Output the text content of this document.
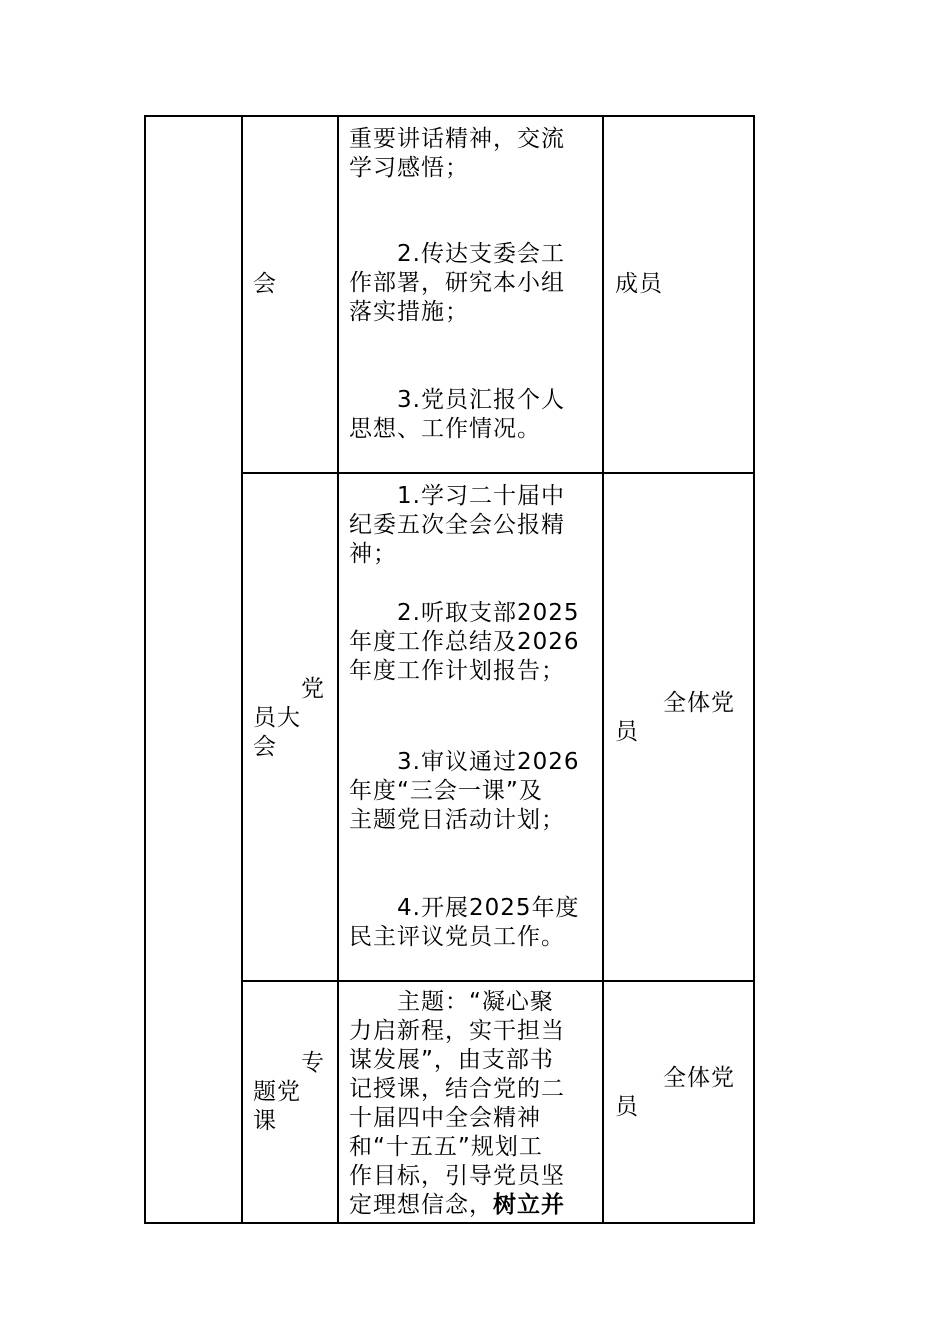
会

重要讲话精神，交流
学习感悟；

2.传达支委会工
作部署，研究本小组
落实措施；

3.党员汇报个人
思想、工作情况。

成员

党
员大
会

1.学习二十届中
纪委五次全会公报精
神；

2.听取支部2025
年度工作总结及2026
年度工作计划报告；

3.审议通过2026
年度“三会一课”及
主题党日活动计划；

4.开展2025年度
民主评议党员工作。

全体党
员

专
题党
课

主题：“凝心聚
力启新程，实干担当
谋发展”，由支部书
记授课，结合党的二
十届四中全会精神
和“十五五”规划工
作目标，引导党员坚
定理想信念，树立并

全体党
员
